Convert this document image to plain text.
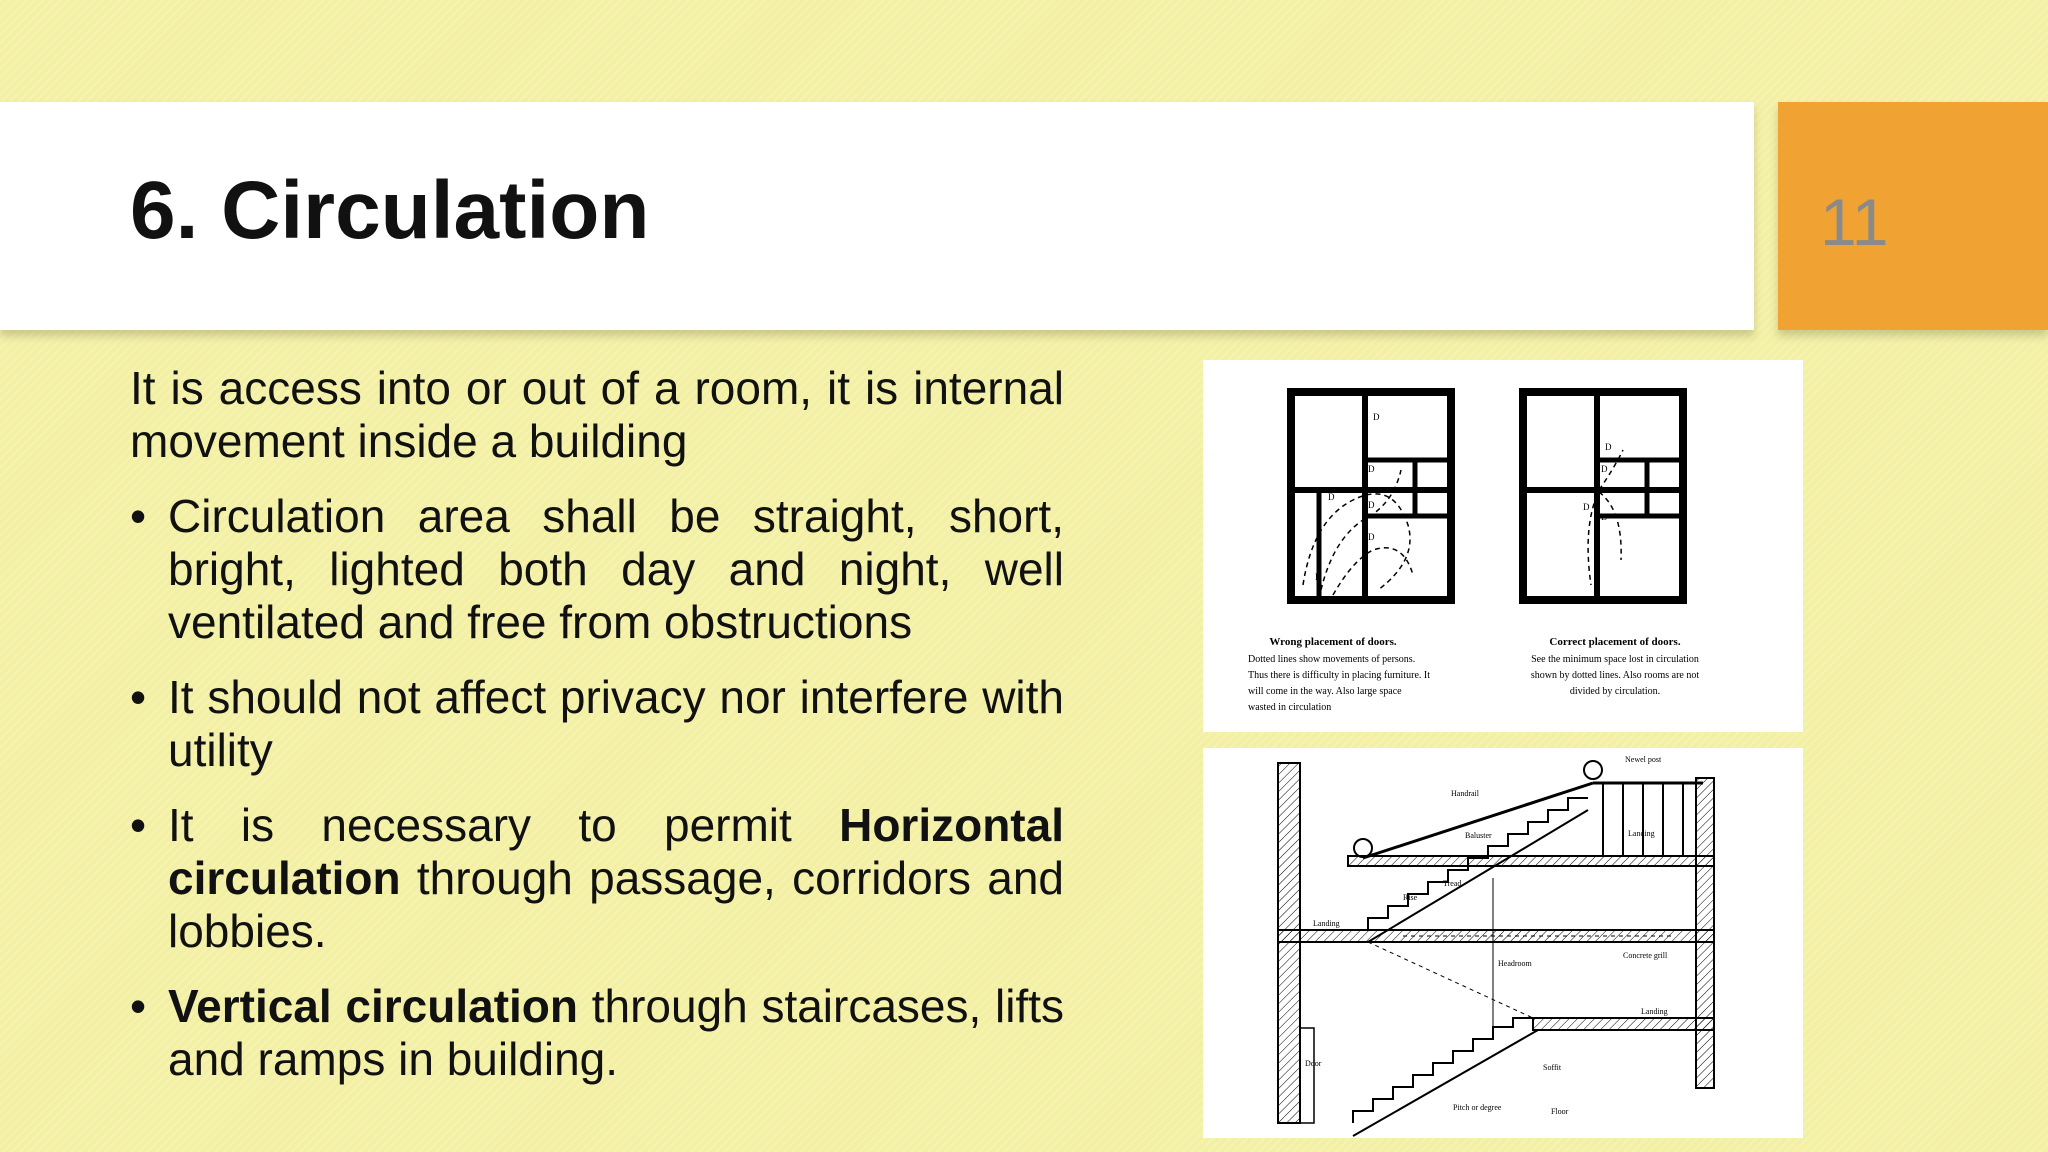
6. Circulation	11

It is access into or out of a room, it is internal movement inside a building

• Circulation area shall be straight, short, bright, lighted both day and night, well ventilated and free from obstructions
• It should not affect privacy nor interfere with utility
• It is necessary to permit Horizontal circulation through passage, corridors and lobbies.
• Vertical circulation through staircases, lifts and ramps in building.
D
D
D
D
D
D
D
D
D
D
Wrong placement of doors.
Dotted lines show movements of persons.
Thus there is difficulty in placing furniture. It
will come in the way. Also large space
wasted in circulation
Correct placement of doors.
See the minimum space lost in circulation
shown by dotted lines. Also rooms are not
divided by circulation.
Newel post
Handrail
Baluster	Landing
Tread
Rise
Landing
Headroom
Concrete grill
Landing
Door	Soffit
Pitch or degree	Floor
